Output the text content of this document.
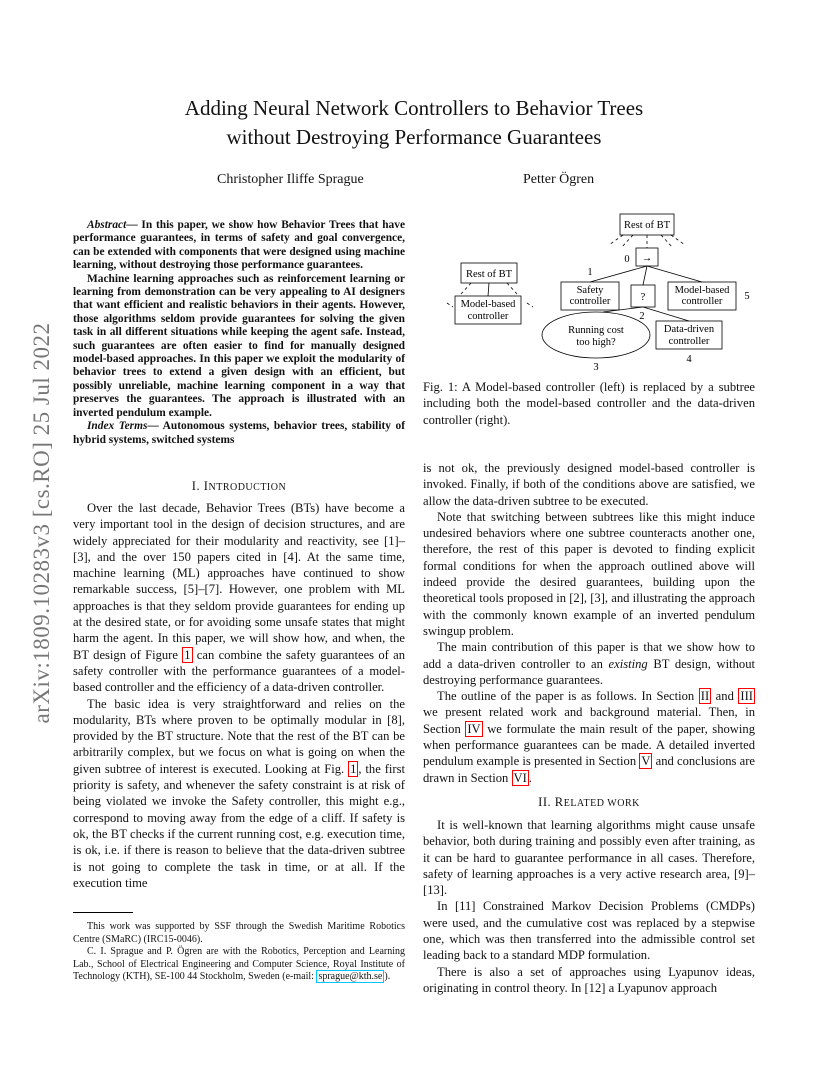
Adding Neural Network Controllers to Behavior Trees
without Destroying Performance Guarantees
Christopher Iliffe Sprague	Petter Ögren
arXiv:1809.10283v3 [cs.RO] 25 Jul 2022

Abstract— In this paper, we show how Behavior Trees that have performance guarantees, in terms of safety and goal convergence, can be extended with components that were designed using machine learning, without destroying those performance guarantees.

Machine learning approaches such as reinforcement learning or learning from demonstration can be very appealing to AI designers that want efficient and realistic behaviors in their agents. However, those algorithms seldom provide guarantees for solving the given task in all different situations while keeping the agent safe. Instead, such guarantees are often easier to find for manually designed model-based approaches. In this paper we exploit the modularity of behavior trees to extend a given design with an efficient, but possibly unreliable, machine learning component in a way that preserves the guarantees. The approach is illustrated with an inverted pendulum example.

Index Terms— Autonomous systems, behavior trees, stability of hybrid systems, switched systems

I. INTRODUCTION

Over the last decade, Behavior Trees (BTs) have become a very important tool in the design of decision structures, and are widely appreciated for their modularity and reactivity, see [1]–[3], and the over 150 papers cited in [4]. At the same time, machine learning (ML) approaches have continued to show remarkable success, [5]–[7]. However, one problem with ML approaches is that they seldom provide guarantees for ending up at the desired state, or for avoiding some unsafe states that might harm the agent. In this paper, we will show how, and when, the BT design of Figure 1 can combine the safety guarantees of an safety controller with the performance guarantees of a model-based controller and the efficiency of a data-driven controller.

The basic idea is very straightforward and relies on the modularity, BTs where proven to be optimally modular in [8], provided by the BT structure. Note that the rest of the BT can be arbitrarily complex, but we focus on what is going on when the given subtree of interest is executed. Looking at Fig. 1 , the first priority is safety, and whenever the safety constraint is at risk of being violated we invoke the Safety controller, this might e.g., correspond to moving away from the edge of a cliff. If safety is ok, the BT checks if the current running cost, e.g. execution time, is ok, i.e. if there is reason to believe that the data-driven subtree is not going to complete the task in time, or at all. If the execution time

This work was supported by SSF through the Swedish Maritime Robotics Centre (SMaRC) (IRC15-0046).

C. I. Sprague and P. Ögren are with the Robotics, Perception and Learning Lab., School of Electrical Engineering and Computer Science, Royal Institute of Technology (KTH), SE-100 44 Stockholm, Sweden (e-mail: sprague@kth.se ).

Rest of BT
→
?
Safety
controller
Model-based
controller
Data-driven
controller
Running cost
too high?
Rest of BT
Model-based
controller
0
1
2
3
4
5
Fig. 1: A Model-based controller (left) is replaced by a subtree including both the model-based controller and the data-driven controller (right).

is not ok, the previously designed model-based controller is invoked. Finally, if both of the conditions above are satisfied, we allow the data-driven subtree to be executed.

Note that switching between subtrees like this might induce undesired behaviors where one subtree counteracts another one, therefore, the rest of this paper is devoted to finding explicit formal conditions for when the approach outlined above will indeed provide the desired guarantees, building upon the theoretical tools proposed in [2], [3], and illustrating the approach with the commonly known example of an inverted pendulum swingup problem.

The main contribution of this paper is that we show how to add a data-driven controller to an existing BT design, without destroying performance guarantees.

The outline of the paper is as follows. In Section II and III we present related work and background material. Then, in Section IV we formulate the main result of the paper, showing when performance guarantees can be made. A detailed inverted pendulum example is presented in Section V and conclusions are drawn in Section VI .

II. RELATED WORK

It is well-known that learning algorithms might cause unsafe behavior, both during training and possibly even after training, as it can be hard to guarantee performance in all cases. Therefore, safety of learning approaches is a very active research area, [9]–[13].

In [11] Constrained Markov Decision Problems (CMDPs) were used, and the cumulative cost was replaced by a stepwise one, which was then transferred into the admissible control set leading back to a standard MDP formulation.

There is also a set of approaches using Lyapunov ideas, originating in control theory. In [12] a Lyapunov approach
